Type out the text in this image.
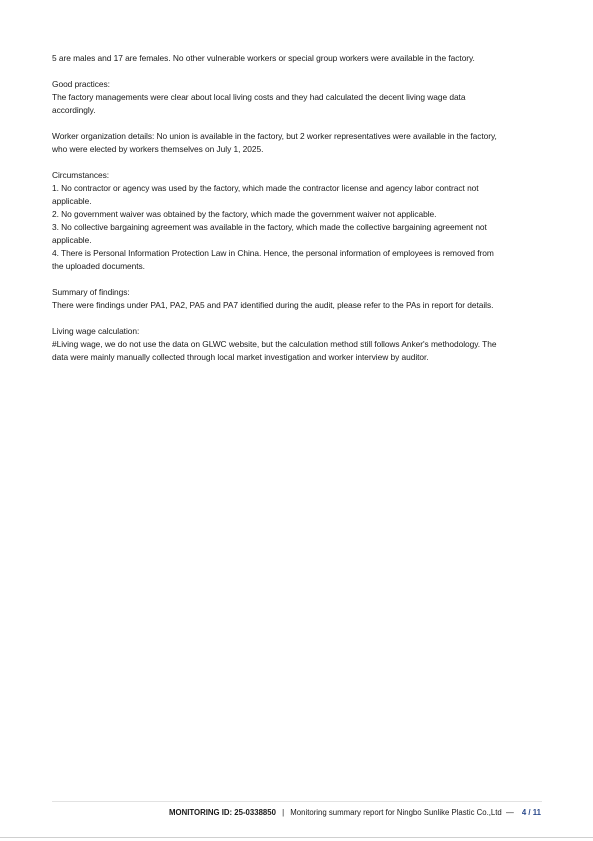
5 are males and 17 are females. No other vulnerable workers or special group workers were available in the factory.

Good practices:

The factory managements were clear about local living costs and they had calculated the decent living wage data

accordingly.

Worker organization details: No union is available in the factory, but 2 worker representatives were available in the factory,

who were elected by workers themselves on July 1, 2025.

Circumstances:

1. No contractor or agency was used by the factory, which made the contractor license and agency labor contract not

applicable.

2. No government waiver was obtained by the factory, which made the government waiver not applicable.

3. No collective bargaining agreement was available in the factory, which made the collective bargaining agreement not

applicable.

4. There is Personal Information Protection Law in China. Hence, the personal information of employees is removed from

the uploaded documents.

Summary of findings:

There were findings under PA1, PA2, PA5 and PA7 identified during the audit, please refer to the PAs in report for details.

Living wage calculation:

#Living wage, we do not use the data on GLWC website, but the calculation method still follows Anker's methodology. The

data were mainly manually collected through local market investigation and worker interview by auditor.

MONITORING ID: 25-0338850 | Monitoring summary report for Ningbo Sunlike Plastic Co.,Ltd — 4 / 11
